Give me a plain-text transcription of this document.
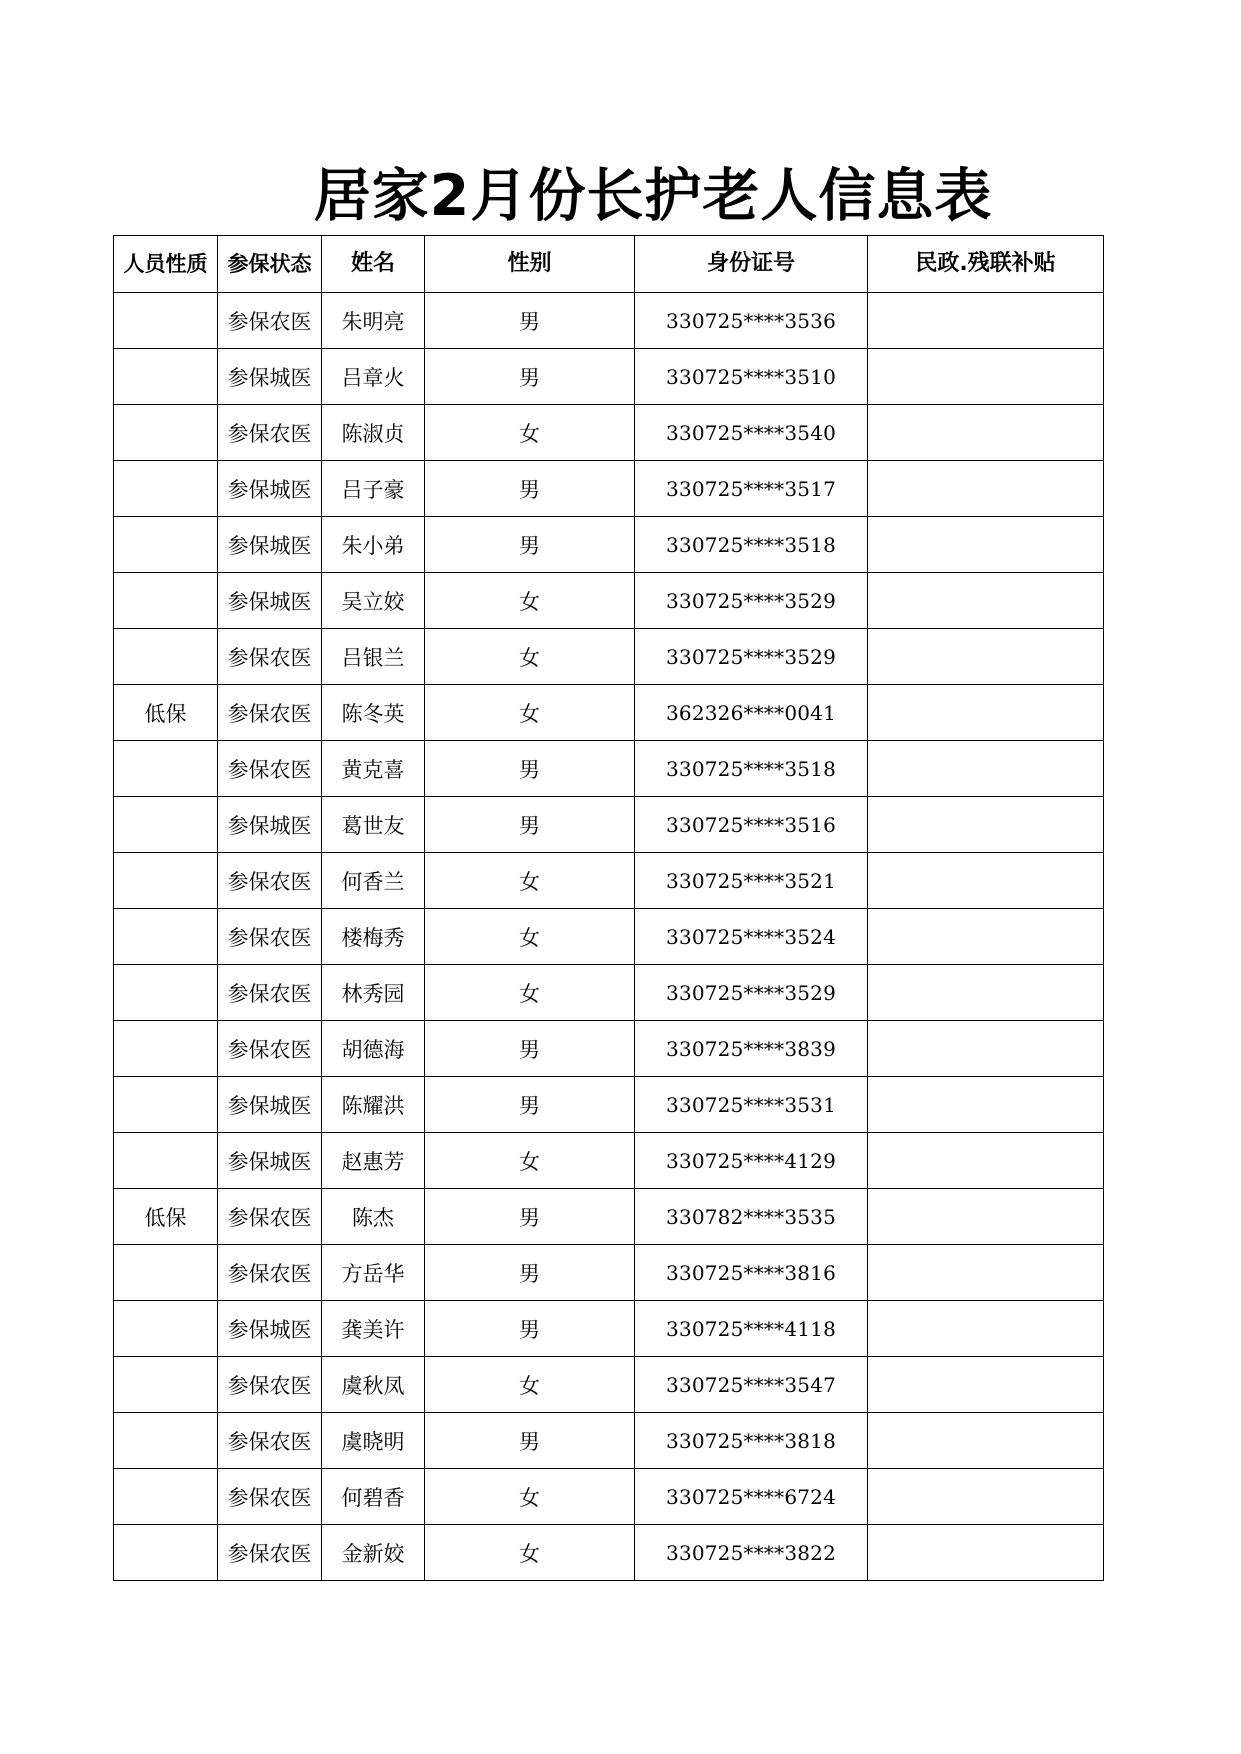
居家2月份长护老人信息表
人员性质	参保状态	姓名	性别	身份证号	民政.残联补贴
	参保农医	朱明亮	男	330725****3536	
	参保城医	吕章火	男	330725****3510	
	参保农医	陈淑贞	女	330725****3540	
	参保城医	吕子豪	男	330725****3517	
	参保城医	朱小弟	男	330725****3518	
	参保城医	吴立姣	女	330725****3529	
	参保农医	吕银兰	女	330725****3529	
低保	参保农医	陈冬英	女	362326****0041	
	参保农医	黄克喜	男	330725****3518	
	参保城医	葛世友	男	330725****3516	
	参保农医	何香兰	女	330725****3521	
	参保农医	楼梅秀	女	330725****3524	
	参保农医	林秀园	女	330725****3529	
	参保农医	胡德海	男	330725****3839	
	参保城医	陈耀洪	男	330725****3531	
	参保城医	赵惠芳	女	330725****4129	
低保	参保农医	陈杰	男	330782****3535	
	参保农医	方岳华	男	330725****3816	
	参保城医	龚美许	男	330725****4118	
	参保农医	虞秋凤	女	330725****3547	
	参保农医	虞晓明	男	330725****3818	
	参保农医	何碧香	女	330725****6724	
	参保农医	金新姣	女	330725****3822	
